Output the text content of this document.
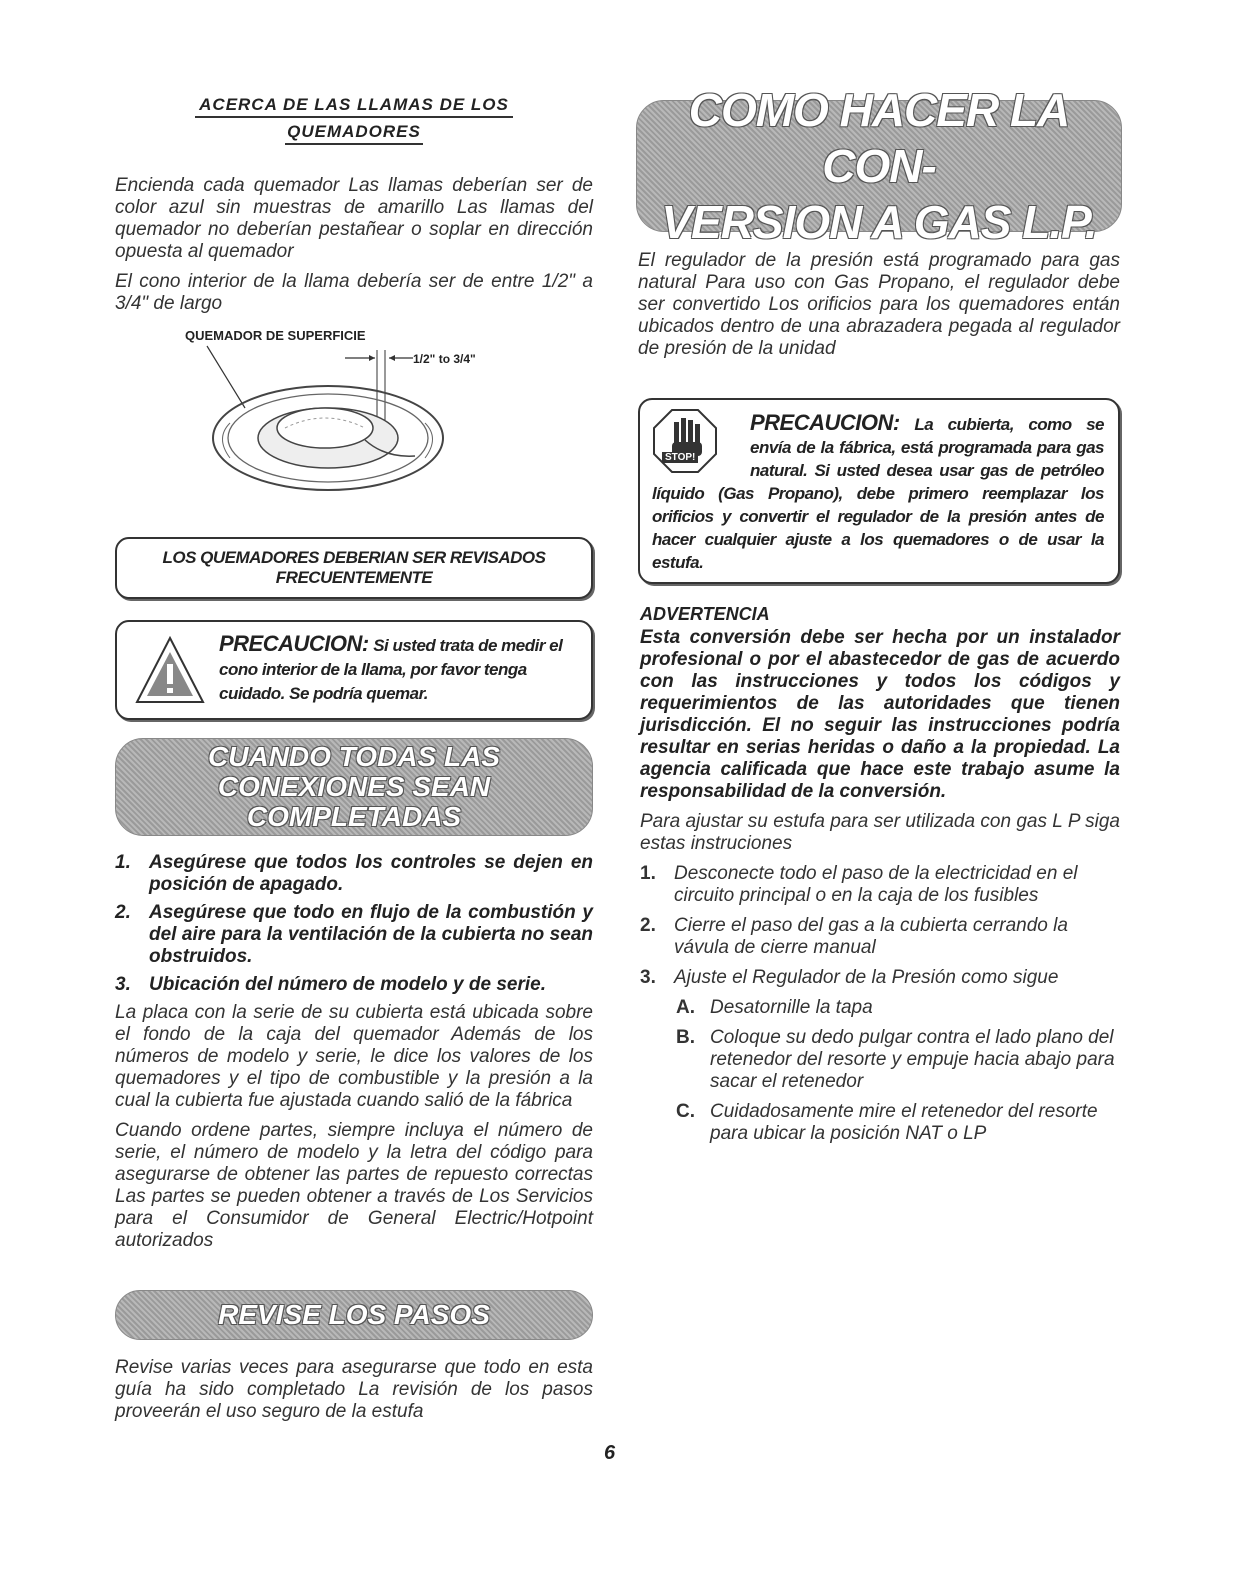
ACERCA DE LAS LLAMAS DE LOS
QUEMADORES

Encienda cada quemador Las llamas deberían ser de color azul sin muestras de amarillo Las llamas del quemador no deberían pestañear o soplar en dirección opuesta al quemador

El cono interior de la llama debería ser de entre 1/2" a 3/4" de largo

QUEMADOR DE SUPERFICIE
1/2" to 3/4"
LOS QUEMADORES DEBERIAN SER REVISADOS
FRECUENTEMENTE
PRECAUCION: Si usted trata de medir el cono interior de la llama, por favor tenga cuidado. Se podría quemar.
CUANDO TODAS LAS
CONEXIONES SEAN
COMPLETADAS
1. Asegúrese que todos los controles se dejen en posición de apagado.
2. Asegúrese que todo en flujo de la combustión y del aire para la ventilación de la cubierta no sean obstruidos.
3. Ubicación del número de modelo y de serie.

La placa con la serie de su cubierta está ubicada sobre el fondo de la caja del quemador Además de los números de modelo y serie, le dice los valores de los quemadores y el tipo de combustible y la presión a la cual la cubierta fue ajustada cuando salió de la fábrica

Cuando ordene partes, siempre incluya el número de serie, el número de modelo y la letra del código para asegurarse de obtener las partes de repuesto correctas Las partes se pueden obtener a través de Los Servicios para el Consumidor de General Electric/Hotpoint autorizados

REVISE LOS PASOS

Revise varias veces para asegurarse que todo en esta guía ha sido completado La revisión de los pasos proveerán el uso seguro de la estufa

COMO HACER LA CON-
VERSION A GAS L.P.

El regulador de la presión está programado para gas natural Para uso con Gas Propano, el regulador debe ser convertido Los orificios para los quemadores entán ubicados dentro de una abrazadera pegada al regulador de presión de la unidad

STOP!
PRECAUCION: La cubierta, como se envía de la fábrica, está programada para gas natural. Si usted desea usar gas de petróleo líquido (Gas Propano), debe primero reemplazar los orificios y convertir el regulador de la presión antes de hacer cualquier ajuste a los quemadores o de usar la estufa.
ADVERTENCIA

Esta conversión debe ser hecha por un instalador profesional o por el abastecedor de gas de acuerdo con las instrucciones y todos los códigos y requerimientos de las autoridades que tienen jurisdicción. El no seguir las instrucciones podría resultar en serias heridas o daño a la propiedad. La agencia calificada que hace este trabajo asume la responsabilidad de la conversión.

Para ajustar su estufa para ser utilizada con gas L P siga estas instruciones

1. Desconecte todo el paso de la electricidad en el circuito principal o en la caja de los fusibles
2. Cierre el paso del gas a la cubierta cerrando la vávula de cierre manual
3. Ajuste el Regulador de la Presión como sigue
A. Desatornille la tapa
B. Coloque su dedo pulgar contra el lado plano del retenedor del resorte y empuje hacia abajo para sacar el retenedor
C. Cuidadosamente mire el retenedor del resorte para ubicar la posición NAT o LP
6
